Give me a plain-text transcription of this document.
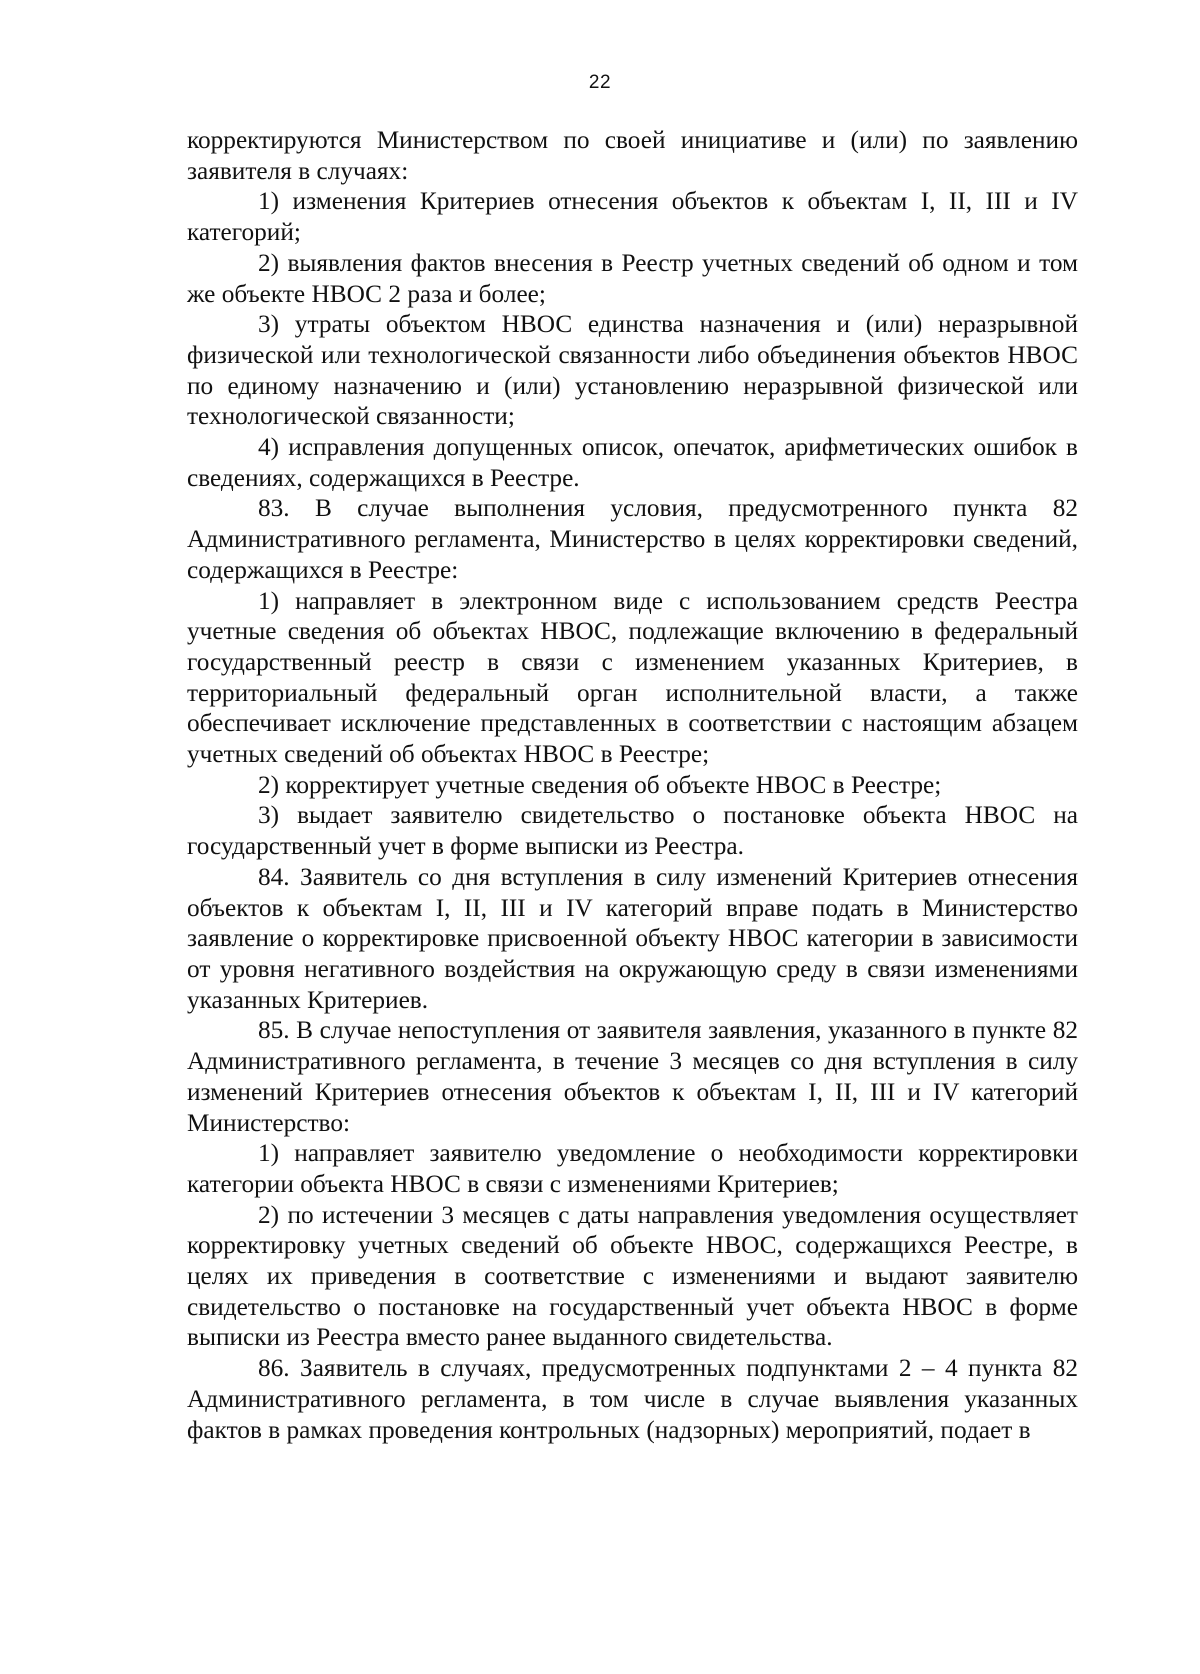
22

корректируются Министерством по своей инициативе и (или) по заявлению заявителя в случаях:

1) изменения Критериев отнесения объектов к объектам I, II, III и IV категорий;

2) выявления фактов внесения в Реестр учетных сведений об одном и том же объекте НВОС 2 раза и более;

3) утраты объектом НВОС единства назначения и (или) неразрывной физической или технологической связанности либо объединения объектов НВОС по единому назначению и (или) установлению неразрывной физической или технологической связанности;

4) исправления допущенных описок, опечаток, арифметических ошибок в сведениях, содержащихся в Реестре.

83. В случае выполнения условия, предусмотренного пункта 82 Административного регламента, Министерство в целях корректировки сведений, содержащихся в Реестре:

1) направляет в электронном виде с использованием средств Реестра учетные сведения об объектах НВОС, подлежащие включению в федеральный государственный реестр в связи с изменением указанных Критериев, в территориальный федеральный орган исполнительной власти, а также обеспечивает исключение представленных в соответствии с настоящим абзацем учетных сведений об объектах НВОС в Реестре;

2) корректирует учетные сведения об объекте НВОС в Реестре;

3) выдает заявителю свидетельство о постановке объекта НВОС на государственный учет в форме выписки из Реестра.

84. Заявитель со дня вступления в силу изменений Критериев отнесения объектов к объектам I, II, III и IV категорий вправе подать в Министерство заявление о корректировке присвоенной объекту НВОС категории в зависимости от уровня негативного воздействия на окружающую среду в связи изменениями указанных Критериев.

85. В случае непоступления от заявителя заявления, указанного в пункте 82 Административного регламента, в течение 3 месяцев со дня вступления в силу изменений Критериев отнесения объектов к объектам I, II, III и IV категорий Министерство:

1) направляет заявителю уведомление о необходимости корректировки категории объекта НВОС в связи с изменениями Критериев;

2) по истечении 3 месяцев с даты направления уведомления осуществляет корректировку учетных сведений об объекте НВОС, содержащихся Реестре, в целях их приведения в соответствие с изменениями и выдают заявителю свидетельство о постановке на государственный учет объекта НВОС в форме выписки из Реестра вместо ранее выданного свидетельства.

86. Заявитель в случаях, предусмотренных подпунктами 2 – 4 пункта 82 Административного регламента, в том числе в случае выявления указанных фактов в рамках проведения контрольных (надзорных) мероприятий, подает в
